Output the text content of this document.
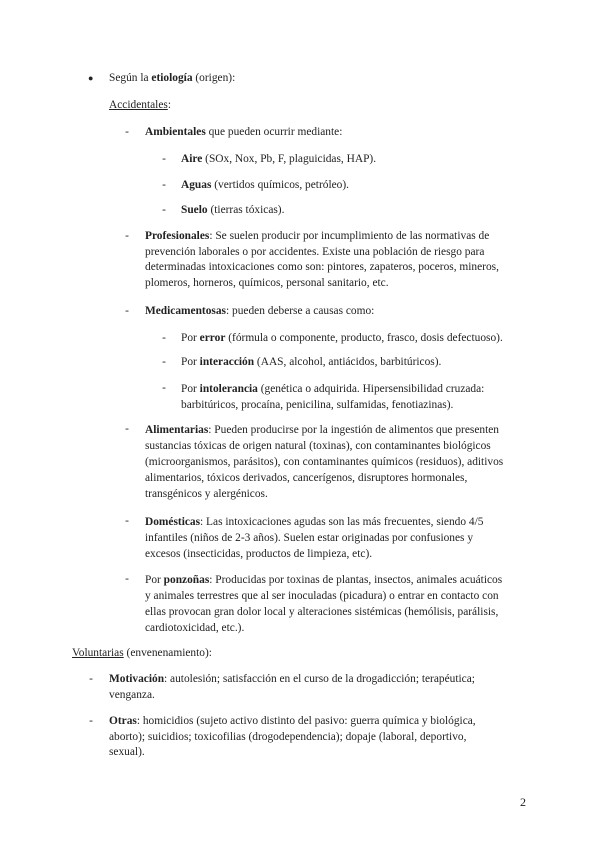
● Según la etiología (origen):
Accidentales:
-	Ambientales que pueden ocurrir mediante:
-	Aire (SOx, Nox, Pb, F, plaguicidas, HAP).
-	Aguas (vertidos químicos, petróleo).
-	Suelo (tierras tóxicas).
-	Profesionales: Se suelen producir por incumplimiento de las normativas de
prevención laborales o por accidentes. Existe una población de riesgo para
determinadas intoxicaciones como son: pintores, zapateros, poceros, mineros,
plomeros, horneros, químicos, personal sanitario, etc.
-	Medicamentosas: pueden deberse a causas como:
-	Por error (fórmula o componente, producto, frasco, dosis defectuoso).
-	Por interacción (AAS, alcohol, antiácidos, barbitúricos).
-	Por intolerancia (genética o adquirida. Hipersensibilidad cruzada:
barbitúricos, procaína, penicilina, sulfamidas, fenotiazinas).
-	Alimentarias: Pueden producirse por la ingestión de alimentos que presenten
sustancias tóxicas de origen natural (toxinas), con contaminantes biológicos
(microorganismos, parásitos), con contaminantes químicos (residuos), aditivos
alimentarios, tóxicos derivados, cancerígenos, disruptores hormonales,
transgénicos y alergénicos.
-	Domésticas: Las intoxicaciones agudas son las más frecuentes, siendo 4/5
infantiles (niños de 2-3 años). Suelen estar originadas por confusiones y
excesos (insecticidas, productos de limpieza, etc).
-	Por ponzoñas: Producidas por toxinas de plantas, insectos, animales acuáticos
y animales terrestres que al ser inoculadas (picadura) o entrar en contacto con
ellas provocan gran dolor local y alteraciones sistémicas (hemólisis, parálisis,
cardiotoxicidad, etc.).
Voluntarias (envenenamiento):
-	Motivación: autolesión; satisfacción en el curso de la drogadicción; terapéutica;
venganza.
-	Otras: homicidios (sujeto activo distinto del pasivo: guerra química y biológica,
aborto); suicidios; toxicofilias (drogodependencia); dopaje (laboral, deportivo,
sexual).
2
